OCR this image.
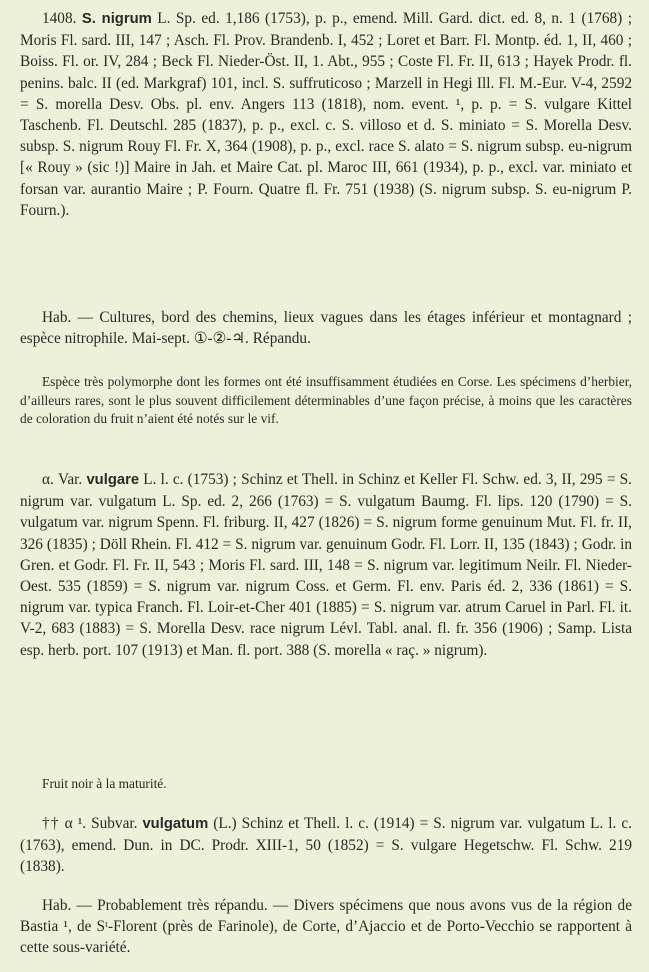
1408. S. nigrum L. Sp. ed. 1,186 (1753), p. p., emend. Mill. Gard. dict. ed. 8, n. 1 (1768) ; Moris Fl. sard. III, 147 ; Asch. Fl. Prov. Brandenb. I, 452 ; Loret et Barr. Fl. Montp. éd. 1, II, 460 ; Boiss. Fl. or. IV, 284 ; Beck Fl. Nieder-Öst. II, 1. Abt., 955 ; Coste Fl. Fr. II, 613 ; Hayek Prodr. fl. penins. balc. II (ed. Markgraf) 101, incl. S. suffruticoso ; Marzell in Hegi Ill. Fl. M.-Eur. V-4, 2592 = S. morella Desv. Obs. pl. env. Angers 113 (1818), nom. event. ¹, p. p. = S. vulgare Kittel Taschenb. Fl. Deutschl. 285 (1837), p. p., excl. c. S. villoso et d. S. miniato = S. Morella Desv. subsp. S. nigrum Rouy Fl. Fr. X, 364 (1908), p. p., excl. race S. alato = S. nigrum subsp. eu-nigrum [« Rouy » (sic !)] Maire in Jah. et Maire Cat. pl. Maroc III, 661 (1934), p. p., excl. var. miniato et forsan var. aurantio Maire ; P. Fourn. Quatre fl. Fr. 751 (1938) (S. nigrum subsp. S. eu-nigrum P. Fourn.).

Hab. — Cultures, bord des chemins, lieux vagues dans les étages inférieur et montagnard ; espèce nitrophile. Mai-sept. ①-②-♃. Répandu.

Espèce très polymorphe dont les formes ont été insuffisamment étudiées en Corse. Les spécimens d’herbier, d’ailleurs rares, sont le plus souvent difficilement déterminables d’une façon précise, à moins que les caractères de coloration du fruit n’aient été notés sur le vif.

α. Var. vulgare L. l. c. (1753) ; Schinz et Thell. in Schinz et Keller Fl. Schw. ed. 3, II, 295 = S. nigrum var. vulgatum L. Sp. ed. 2, 266 (1763) = S. vulgatum Baumg. Fl. lips. 120 (1790) = S. vulgatum var. nigrum Spenn. Fl. friburg. II, 427 (1826) = S. nigrum forme genuinum Mut. Fl. fr. II, 326 (1835) ; Döll Rhein. Fl. 412 = S. nigrum var. genuinum Godr. Fl. Lorr. II, 135 (1843) ; Godr. in Gren. et Godr. Fl. Fr. II, 543 ; Moris Fl. sard. III, 148 = S. nigrum var. legitimum Neilr. Fl. Nieder-Oest. 535 (1859) = S. nigrum var. nigrum Coss. et Germ. Fl. env. Paris éd. 2, 336 (1861) = S. nigrum var. typica Franch. Fl. Loir-et-Cher 401 (1885) = S. nigrum var. atrum Caruel in Parl. Fl. it. V-2, 683 (1883) = S. Morella Desv. race nigrum Lévl. Tabl. anal. fl. fr. 356 (1906) ; Samp. Lista esp. herb. port. 107 (1913) et Man. fl. port. 388 (S. morella « raç. » nigrum).

Fruit noir à la maturité.

†† α ¹. Subvar. vulgatum (L.) Schinz et Thell. l. c. (1914) = S. nigrum var. vulgatum L. l. c. (1763), emend. Dun. in DC. Prodr. XIII-1, 50 (1852) = S. vulgare Hegetschw. Fl. Schw. 219 (1838).

Hab. — Probablement très répandu. — Divers spécimens que nous avons vus de la région de Bastia ¹, de Sᵗ-Florent (près de Farinole), de Corte, d’Ajaccio et de Porto-Vecchio se rapportent à cette sous-variété.
